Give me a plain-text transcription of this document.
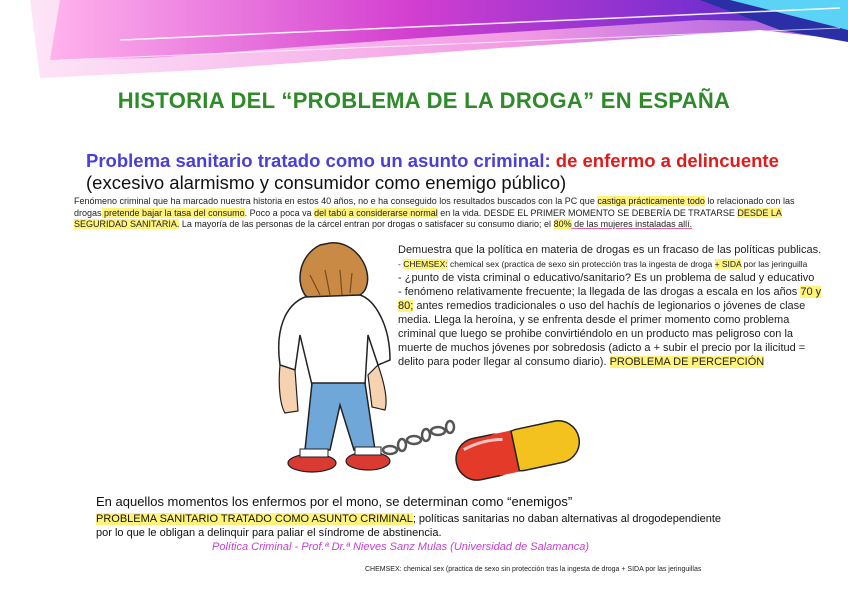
HISTORIA DEL “PROBLEMA DE LA DROGA” EN ESPAÑA
Problema sanitario tratado como un asunto criminal: de enfermo a delincuente (excesivo alarmismo y consumidor como enemigo público)
Fenómeno criminal que ha marcado nuestra historia en estos 40 años, no e ha conseguido los resultados buscados con la PC que castiga prácticamente todo lo relacionado con las drogas pretende bajar la tasa del consumo. Poco a poca va del tabú a considerarse normal en la vida. DESDE EL PRIMER MOMENTO SE DEBERÍA DE TRATARSE DESDE LA SEGURIDAD SANITARIA. La mayoría de las personas de la cárcel entran por drogas o satisfacer su consumo diario; el 80% de las mujeres instaladas allí.
Demuestra que la política en materia de drogas es un fracaso de las políticas publicas.
- CHEMSEX: chemical sex (practica de sexo sin protección tras la ingesta de droga + SIDA por las jeringuilla
- ¿punto de vista criminal o educativo/sanitario? Es un problema de salud y educativo
- fenómeno relativamente frecuente; la llegada de las drogas a escala en los años 70 y 80; antes remedios tradicionales o uso del hachís de legionarios o jóvenes de clase media. Llega la heroína, y se enfrenta desde el primer momento como problema criminal que luego se prohibe convirtiéndolo en un producto mas peligroso con la muerte de muchos jóvenes por sobredosis (adicto a + subir el precio por la ilicitud = delito para poder llegar al consumo diario). PROBLEMA DE PERCEPCIÓN
En aquellos momentos los enfermos por el mono, se determinan como “enemigos”
PROBLEMA SANITARIO TRATADO COMO ASUNTO CRIMINAL; políticas sanitarias no daban alternativas al drogodependiente por lo que le obligan a delinquir para paliar el síndrome de abstinencia.
Política Criminal - Prof.ª Dr.ª Nieves Sanz Mulas (Universidad de Salamanca)
CHEMSEX: chemical sex (practica de sexo sin protección tras la ingesta de droga + SIDA por las jeringuillas
